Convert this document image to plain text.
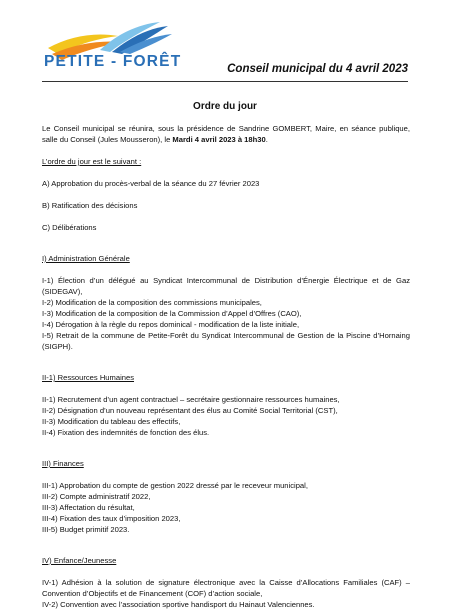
PETITE - FORÊT	Conseil municipal du 4 avril 2023
Ordre du jour

Le Conseil municipal se réunira, sous la présidence de Sandrine GOMBERT, Maire, en séance publique, salle du Conseil (Jules Mousseron), le Mardi 4 avril 2023 à 18h30.

L’ordre du jour est le suivant :

A) Approbation du procès-verbal de la séance du 27 février 2023

B) Ratification des décisions

C) Délibérations

I) Administration Générale

I-1) Élection d’un délégué au Syndicat Intercommunal de Distribution d’Énergie Électrique et de Gaz (SIDEGAV),

I-2) Modification de la composition des commissions municipales,

I-3) Modification de la composition de la Commission d’Appel d’Offres (CAO),

I-4) Dérogation à la règle du repos dominical - modification de la liste initiale,

I-5) Retrait de la commune de Petite-Forêt du Syndicat Intercommunal de Gestion de la Piscine d’Hornaing (SIGPH).

II-1) Ressources Humaines

II-1) Recrutement d’un agent contractuel – secrétaire gestionnaire ressources humaines,

II-2) Désignation d’un nouveau représentant des élus au Comité Social Territorial (CST),

II-3) Modification du tableau des effectifs,

II-4) Fixation des indemnités de fonction des élus.

III) Finances

III-1) Approbation du compte de gestion 2022 dressé par le receveur municipal,

III-2) Compte administratif 2022,

III-3) Affectation du résultat,

III-4) Fixation des taux d’imposition 2023,

III-5) Budget primitif 2023.

IV) Enfance/Jeunesse

IV-1) Adhésion à la solution de signature électronique avec la Caisse d’Allocations Familiales (CAF) – Convention d’Objectifs et de Financement (COF) d’action sociale,

IV-2) Convention avec l’association sportive handisport du Hainaut Valenciennes.
